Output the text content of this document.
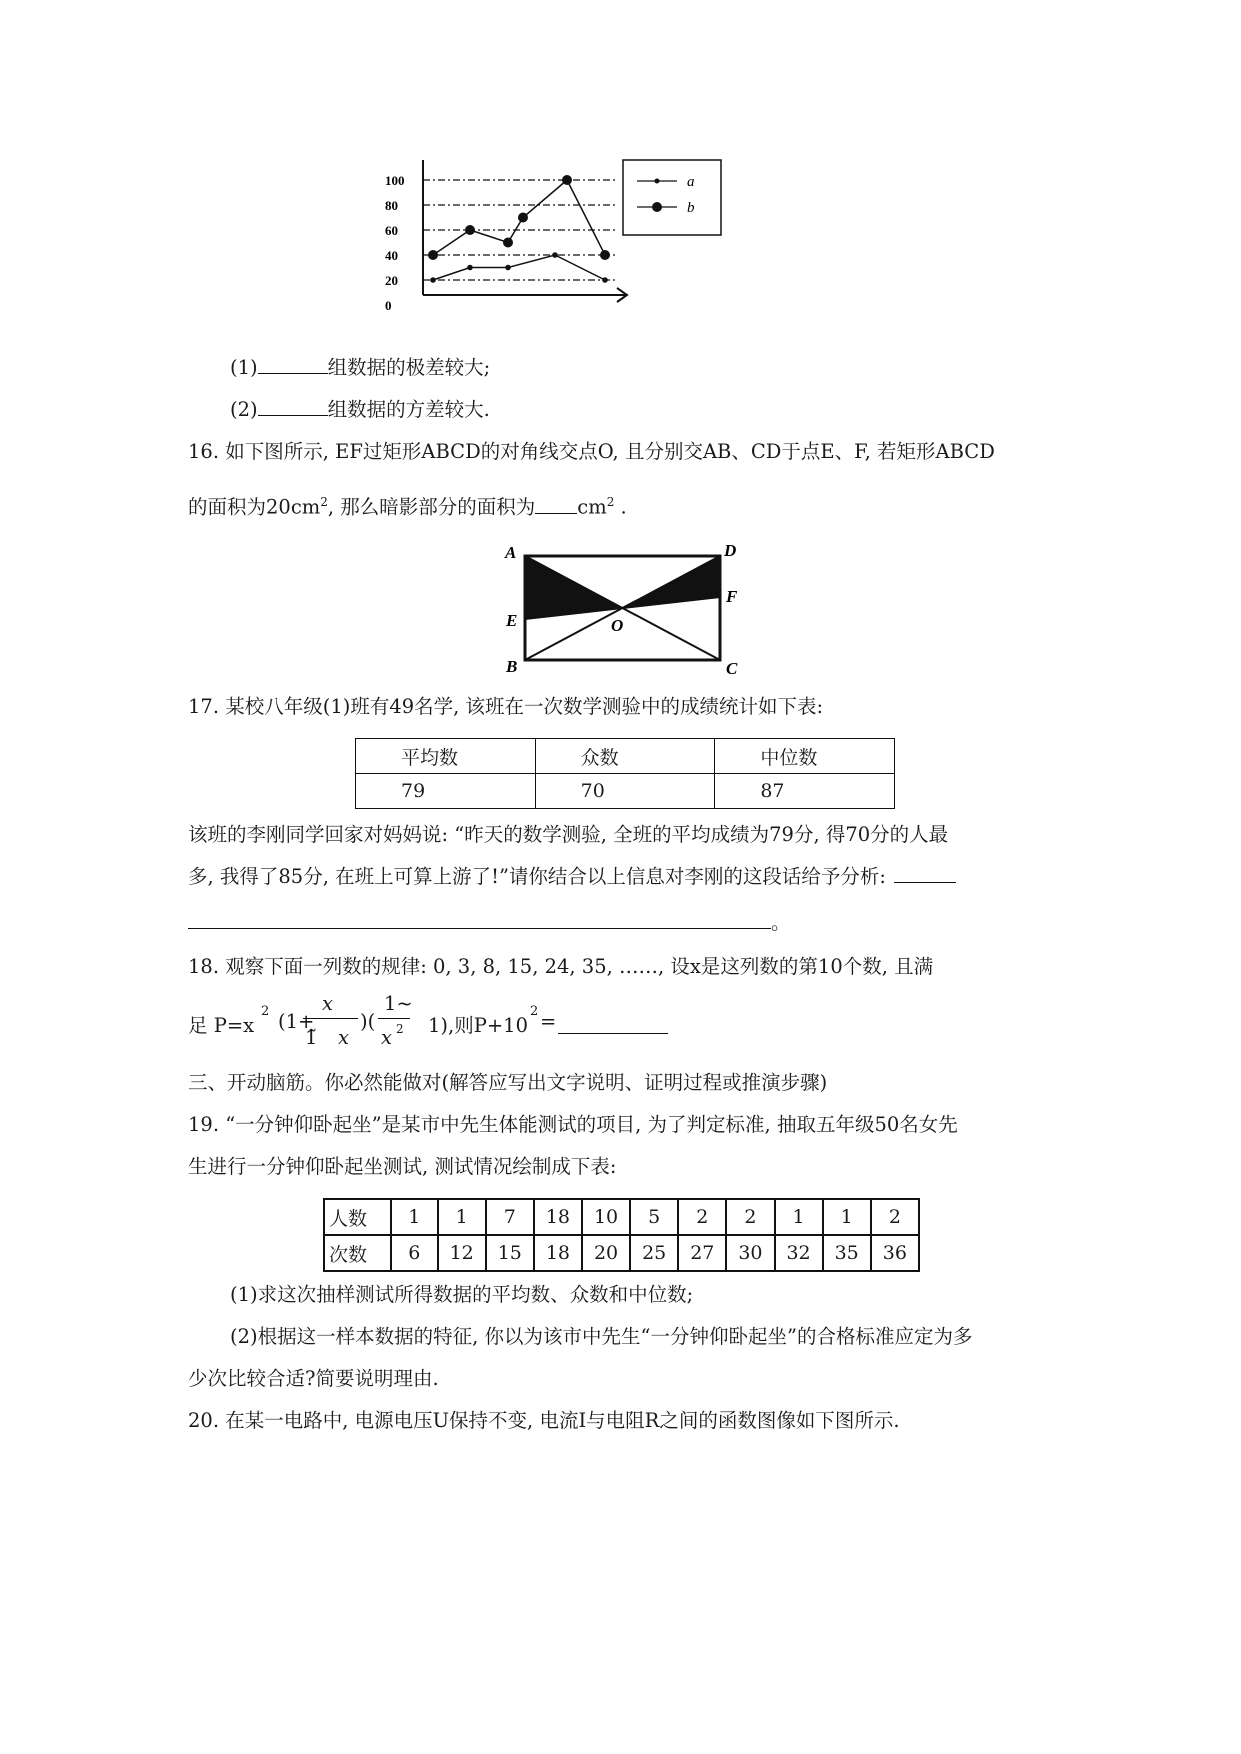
100
80
60
40
20
0
a
b
(1)	组数据的极差较大;
(2)	组数据的方差较大.
16. 如下图所示, EF过矩形ABCD的对角线交点O, 且分别交AB、CD于点E、F, 若矩形ABCD
的面积为$20cm^2$, 那么暗影部分的面积为 $cm^2$ .
A
B	C
D
E
F
O
17. 某校八年级(1)班有49名学, 该班在一次数学测验中的成绩统计如下表:
平均数	众数	中位数
79	70	87
该班的李刚同学回家对妈妈说: “昨天的数学测验, 全班的平均成绩为79分, 得70分的人最
多, 我得了85分, 在班上可算上游了!”请你结合以上信息对李刚的这段话给予分析:
。
18. 观察下面一列数的规律: 0, 3, 8, 15, 24, 35, ……, 设x是这列数的第10个数, 且满
足 P=x
2 (1+
x
1̃ x
)(
1~
x 2 1),则P+10
2 =
三、开动脑筋。你必然能做对(解答应写出文字说明、证明过程或推演步骤)
19. “一分钟仰卧起坐”是某市中先生体能测试的项目, 为了判定标准, 抽取五年级50名女先
生进行一分钟仰卧起坐测试, 测试情况绘制成下表:
人数	1	1	7	18	10	5	2	2	1	1	2
次数	6	12	15	18	20	25	27	30	32	35	36
(1)求这次抽样测试所得数据的平均数、众数和中位数;
(2)根据这一样本数据的特征, 你以为该市中先生“一分钟仰卧起坐”的合格标准应定为多
少次比较合适?简要说明理由.
20. 在某一电路中, 电源电压U保持不变, 电流I与电阻R之间的函数图像如下图所示.
